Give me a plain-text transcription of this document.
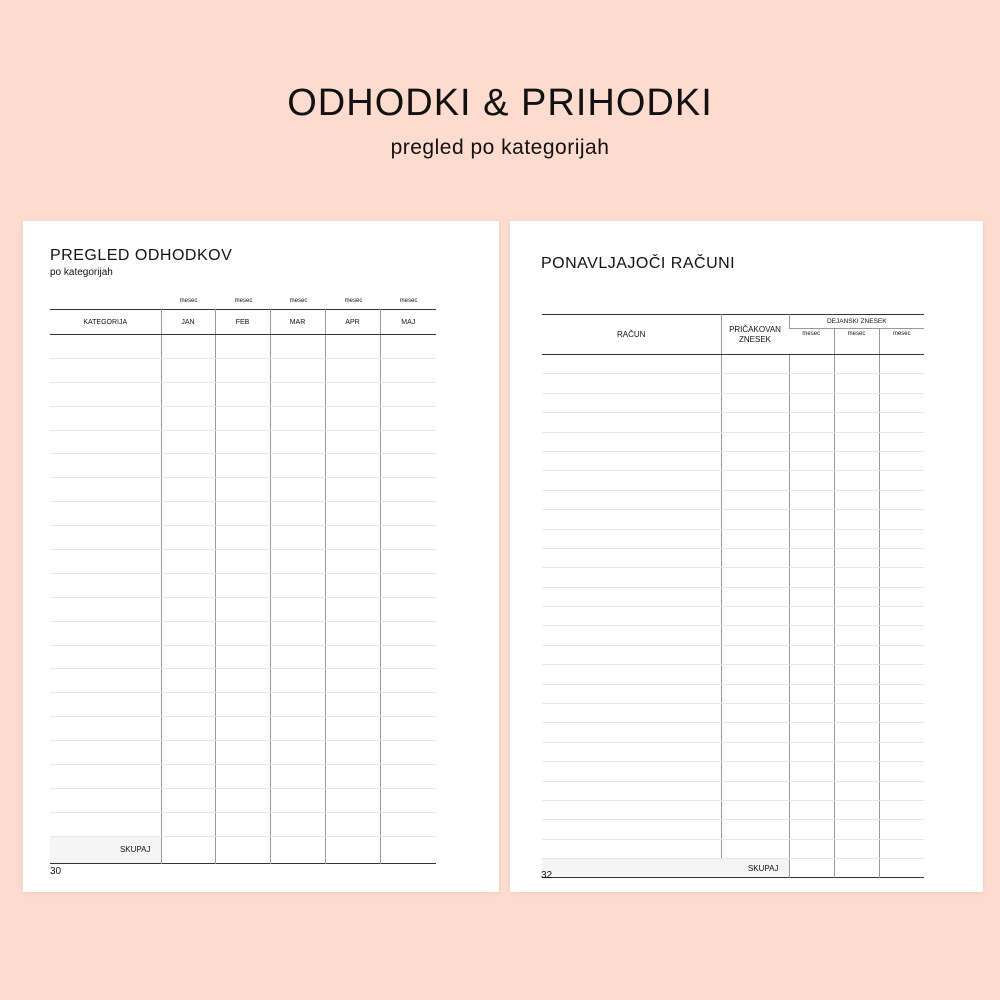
ODHODKI & PRIHODKI
pregled po kategorijah
PREGLED ODHODKOV
po kategorijah
mesec	mesec	mesec	mesec	mesec
KATEGORIJA	JAN	FEB	MAR	APR	MAJ

SKUPAJ					
30
PONAVLJAJOČI RAČUNI
RAČUN	PRIČAKOVAN ZNESEK	DEJANSKI ZNESEK		
		mesec	mesec	mesec

SKUPAJ				
32
